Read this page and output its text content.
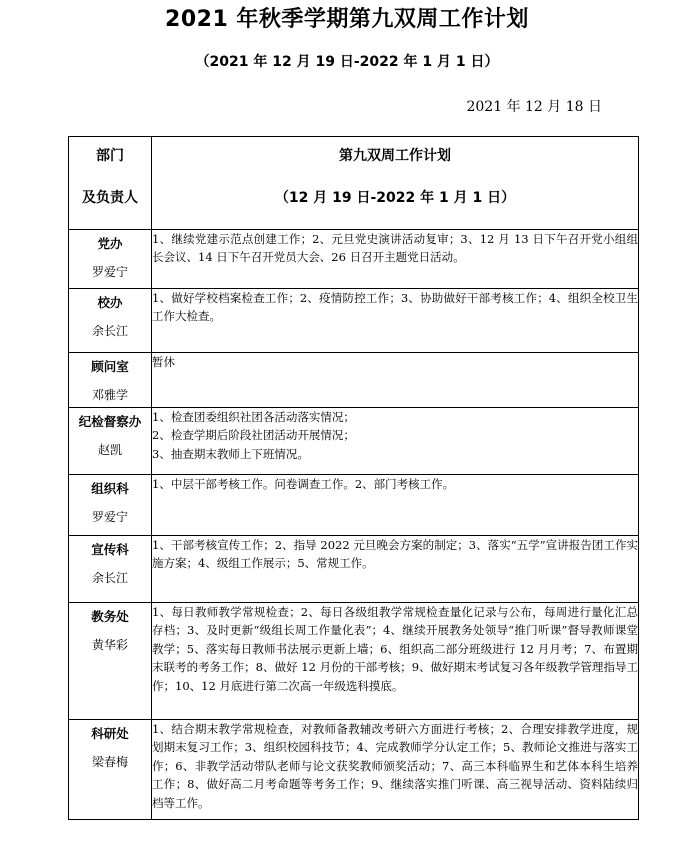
2021 年秋季学期第九双周工作计划
（2021 年 12 月 19 日-2022 年 1 月 1 日）
2021 年 12 月 18 日
部门
及负责人	第九双周工作计划
（12 月 19 日-2022 年 1 月 1 日）

党办
罗爱宁	1、继续党建示范点创建工作；2、元旦党史演讲活动复审；3、12 月 13 日下午召开党小组组长会议、14 日下午召开党员大会、26 日召开主题党日活动。

校办
余长江	1、做好学校档案检查工作；2、疫情防控工作；3、协助做好干部考核工作；4、组织全校卫生工作大检查。

顾问室
邓雅学	暂休

纪检督察办
赵凯	1、检查团委组织社团各活动落实情况；
2、检查学期后阶段社团活动开展情况；
3、抽查期末教师上下班情况。

组织科
罗爱宁	1、中层干部考核工作。问卷调查工作。2、部门考核工作。

宣传科
余长江	1、干部考核宣传工作；2、指导 2022 元旦晚会方案的制定；3、落实“五学”宣讲报告团工作实施方案；4、级组工作展示；5、常规工作。

教务处
黄华彩	1、每日教师教学常规检查；2、每日各级组教学常规检查量化记录与公布，每周进行量化汇总存档；3、及时更新“级组长周工作量化表”；4、继续开展教务处领导“推门听课”督导教师课堂教学；5、落实每日教师书法展示更新上墙；6、组织高二部分班级进行 12 月月考；7、布置期末联考的考务工作；8、做好 12 月份的干部考核；9、做好期末考试复习各年级教学管理指导工作；10、12 月底进行第二次高一年级选科摸底。

科研处
梁春梅	1、结合期末教学常规检查，对教师备教辅改考研六方面进行考核；2、合理安排教学进度，规划期末复习工作；3、组织校园科技节；4、完成教师学分认定工作；5、教师论文推进与落实工作；6、非教学活动带队老师与论文获奖教师颁奖活动；7、高三本科临界生和艺体本科生培养工作；8、做好高二月考命题等考务工作；9、继续落实推门听课、高三视导活动、资料陆续归档等工作。
